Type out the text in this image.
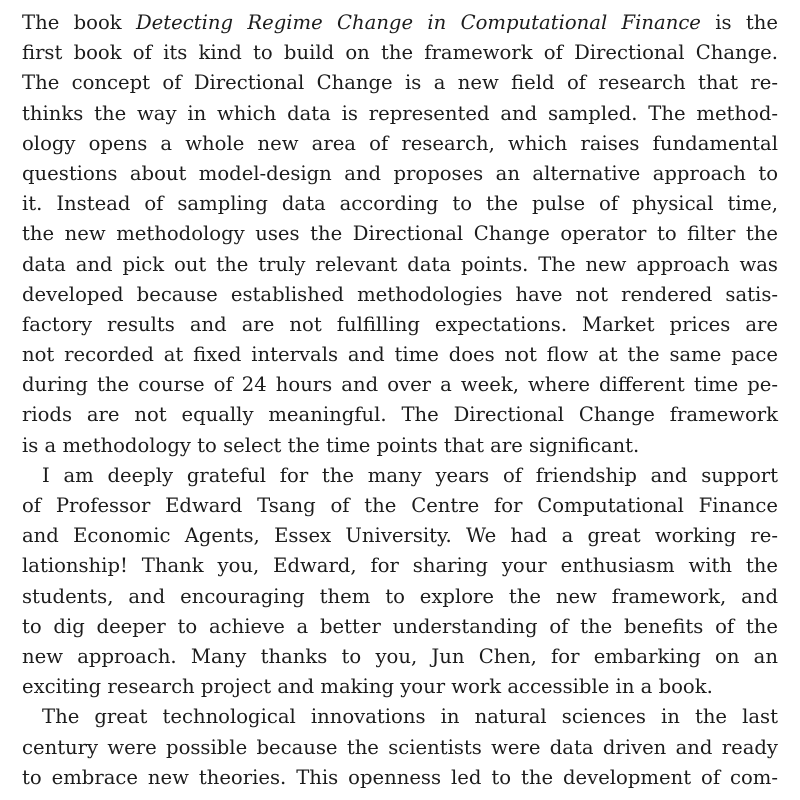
The book Detecting Regime Change in Computational Finance is the
first book of its kind to build on the framework of Directional Change.
The concept of Directional Change is a new field of research that re-
thinks the way in which data is represented and sampled. The method-
ology opens a whole new area of research, which raises fundamental
questions about model-design and proposes an alternative approach to
it. Instead of sampling data according to the pulse of physical time,
the new methodology uses the Directional Change operator to filter the
data and pick out the truly relevant data points. The new approach was
developed because established methodologies have not rendered satis-
factory results and are not fulfilling expectations. Market prices are
not recorded at fixed intervals and time does not flow at the same pace
during the course of 24 hours and over a week, where different time pe-
riods are not equally meaningful. The Directional Change framework
is a methodology to select the time points that are significant.
I am deeply grateful for the many years of friendship and support
of Professor Edward Tsang of the Centre for Computational Finance
and Economic Agents, Essex University. We had a great working re-
lationship! Thank you, Edward, for sharing your enthusiasm with the
students, and encouraging them to explore the new framework, and
to dig deeper to achieve a better understanding of the benefits of the
new approach. Many thanks to you, Jun Chen, for embarking on an
exciting research project and making your work accessible in a book.
The great technological innovations in natural sciences in the last
century were possible because the scientists were data driven and ready
to embrace new theories. This openness led to the development of com-
